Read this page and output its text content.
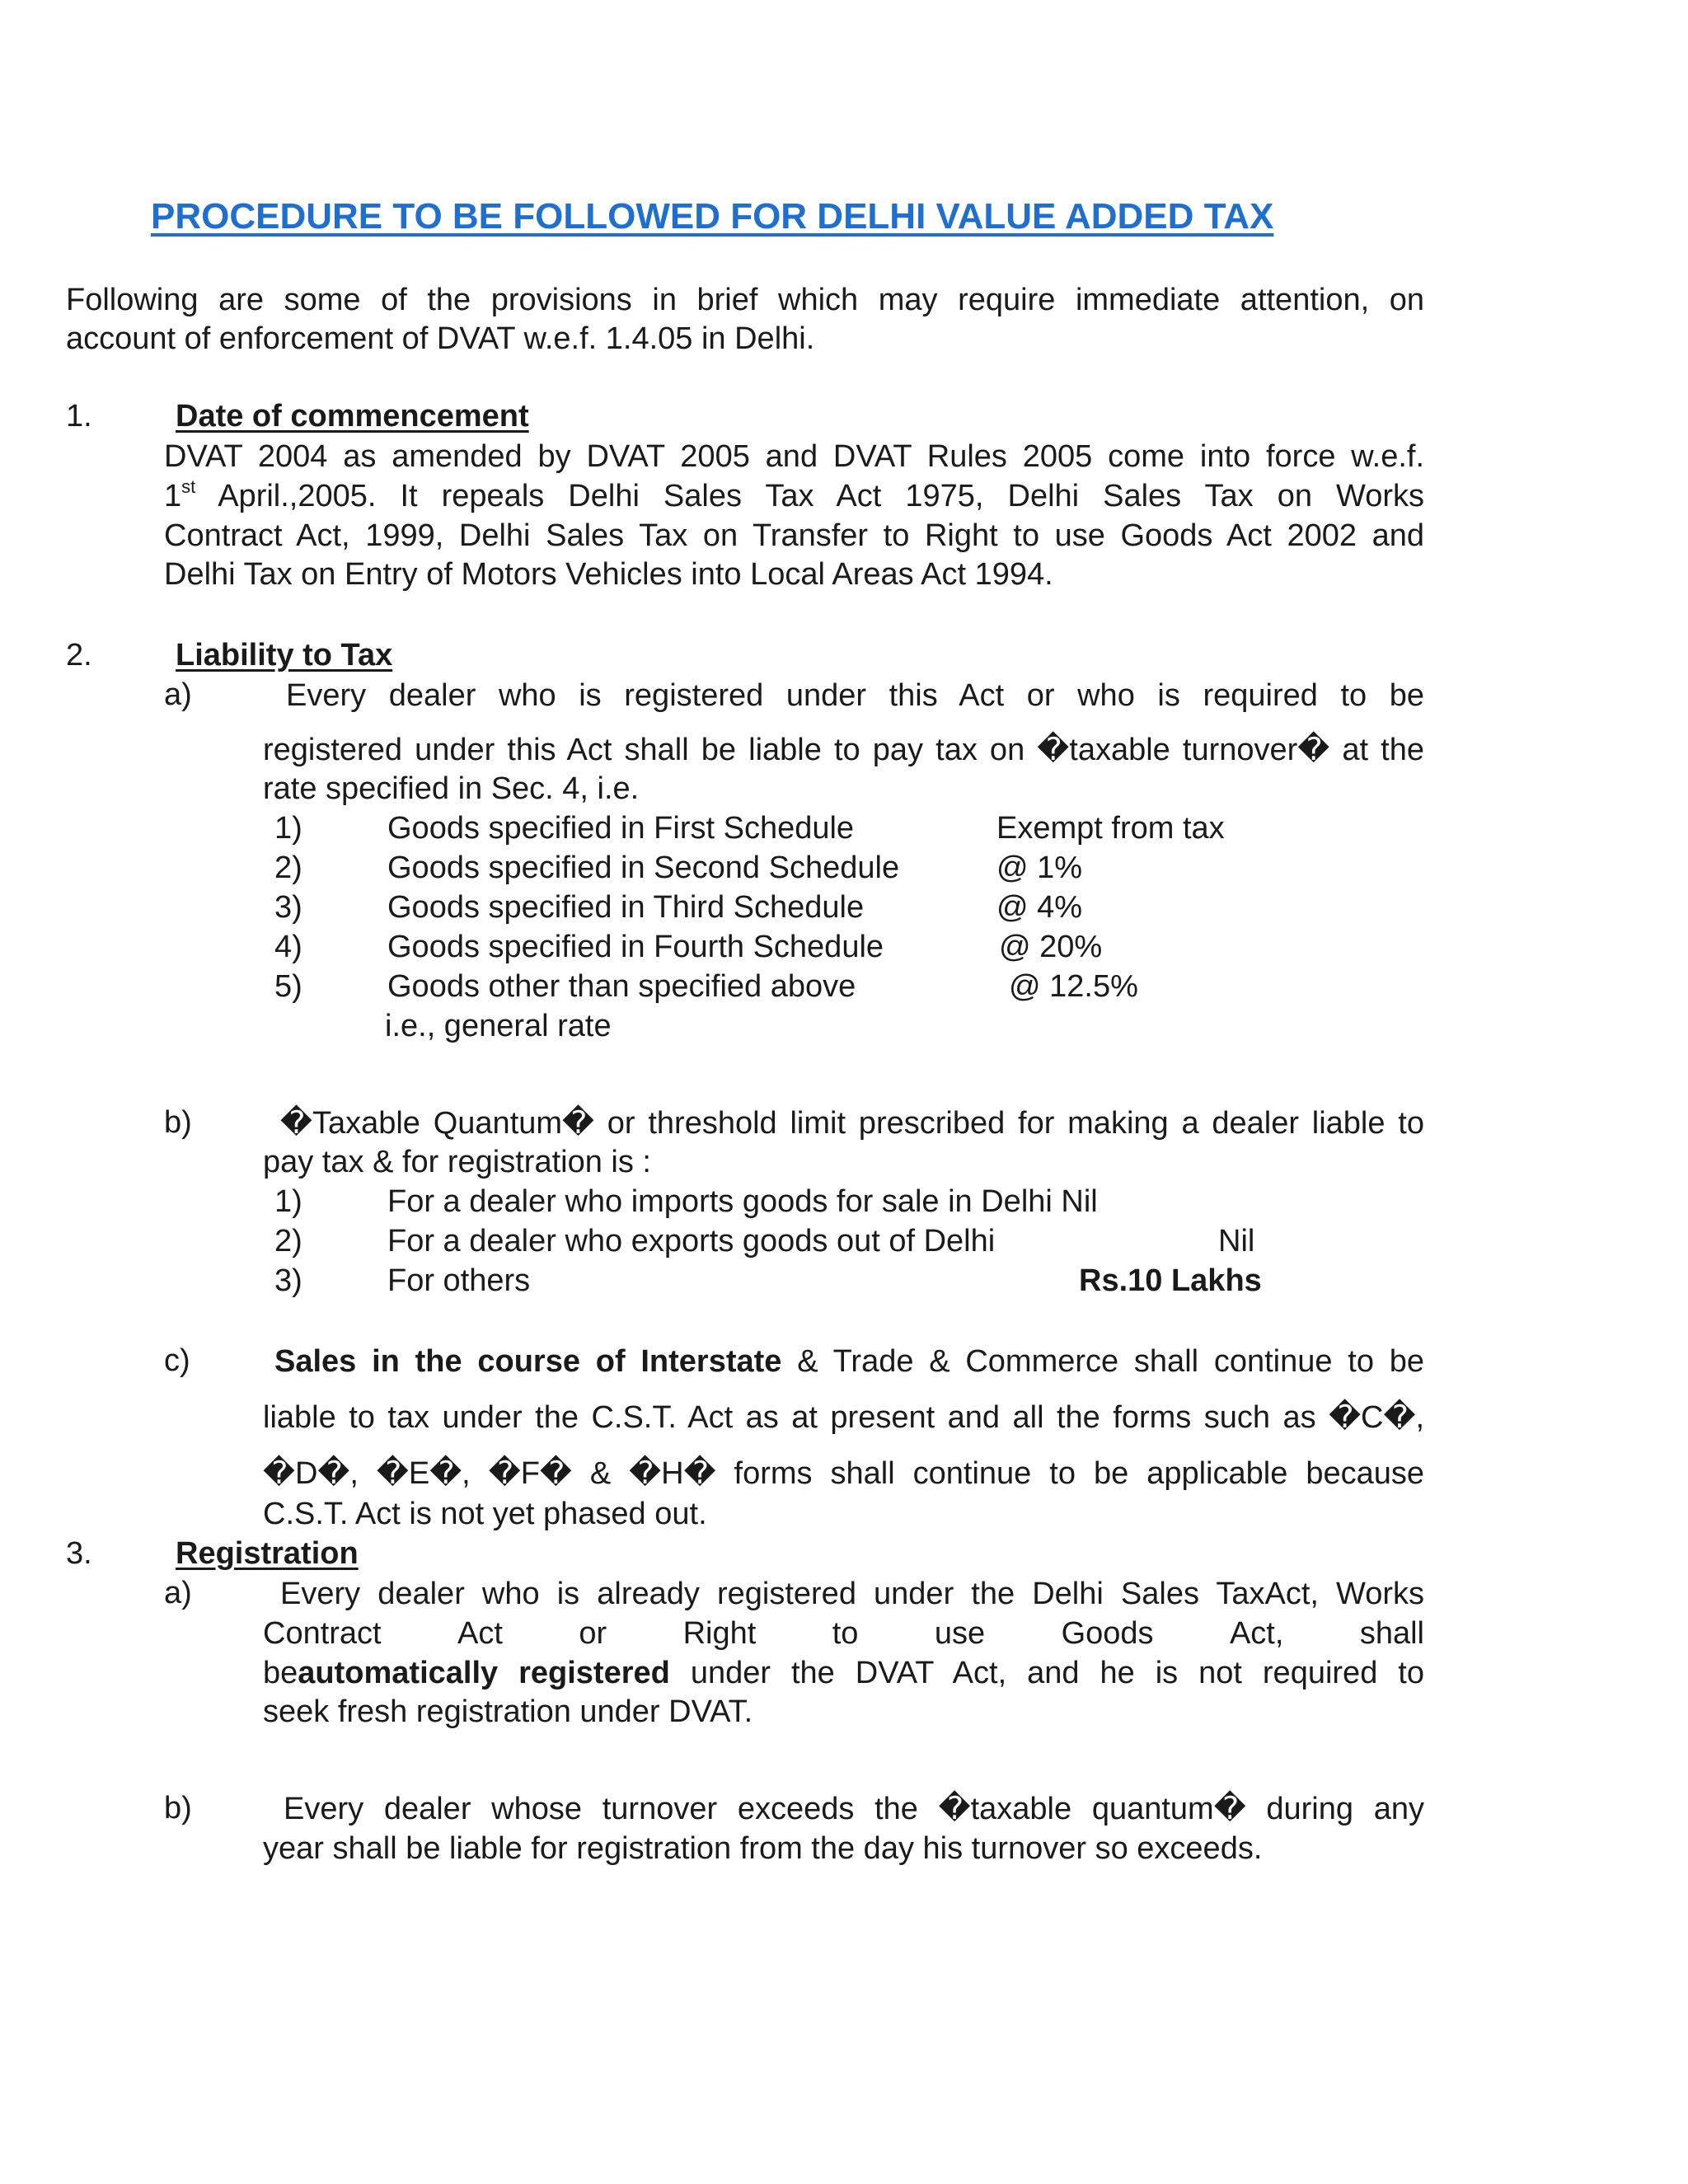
PROCEDURE TO BE FOLLOWED FOR DELHI VALUE ADDED TAX
Following are some of the provisions in brief which may require immediate attention, on
account of enforcement of DVAT w.e.f. 1.4.05 in Delhi.
1.	Date of commencement
DVAT 2004 as amended by DVAT 2005 and DVAT Rules 2005 come into force w.e.f.
1st April.,2005. It repeals Delhi Sales Tax Act 1975, Delhi Sales Tax on Works
Contract Act, 1999, Delhi Sales Tax on Transfer to Right to use Goods Act 2002 and
Delhi Tax on Entry of Motors Vehicles into Local Areas Act 1994.
2.	Liability to Tax
a)	Every dealer who is registered under this Act or who is required to be
registered under this Act shall be liable to pay tax on �taxable turnover� at the
rate specified in Sec. 4, i.e.
1)	Goods specified in First Schedule	Exempt from tax
2)	Goods specified in Second Schedule	@ 1%
3)	Goods specified in Third Schedule	@ 4%
4)	Goods specified in Fourth Schedule	@ 20%
5)	Goods other than specified above	@ 12.5%
i.e., general rate
b)	�Taxable Quantum� or threshold limit prescribed for making a dealer liable to
pay tax & for registration is :
1)	For a dealer who imports goods for sale in Delhi Nil
2)	For a dealer who exports goods out of Delhi	Nil
3)	For others	Rs.10 Lakhs
c)	Sales in the course of Interstate & Trade & Commerce shall continue to be
liable to tax under the C.S.T. Act as at present and all the forms such as �C�,
�D�, �E�, �F� & �H� forms shall continue to be applicable because
C.S.T. Act is not yet phased out.
3.	Registration
a)	Every dealer who is already registered under the Delhi Sales TaxAct, Works
Contract Act or Right to use Goods Act, shall
beautomatically registered under the DVAT Act, and he is not required to
seek fresh registration under DVAT.
b)	Every dealer whose turnover exceeds the �taxable quantum� during any
year shall be liable for registration from the day his turnover so exceeds.
